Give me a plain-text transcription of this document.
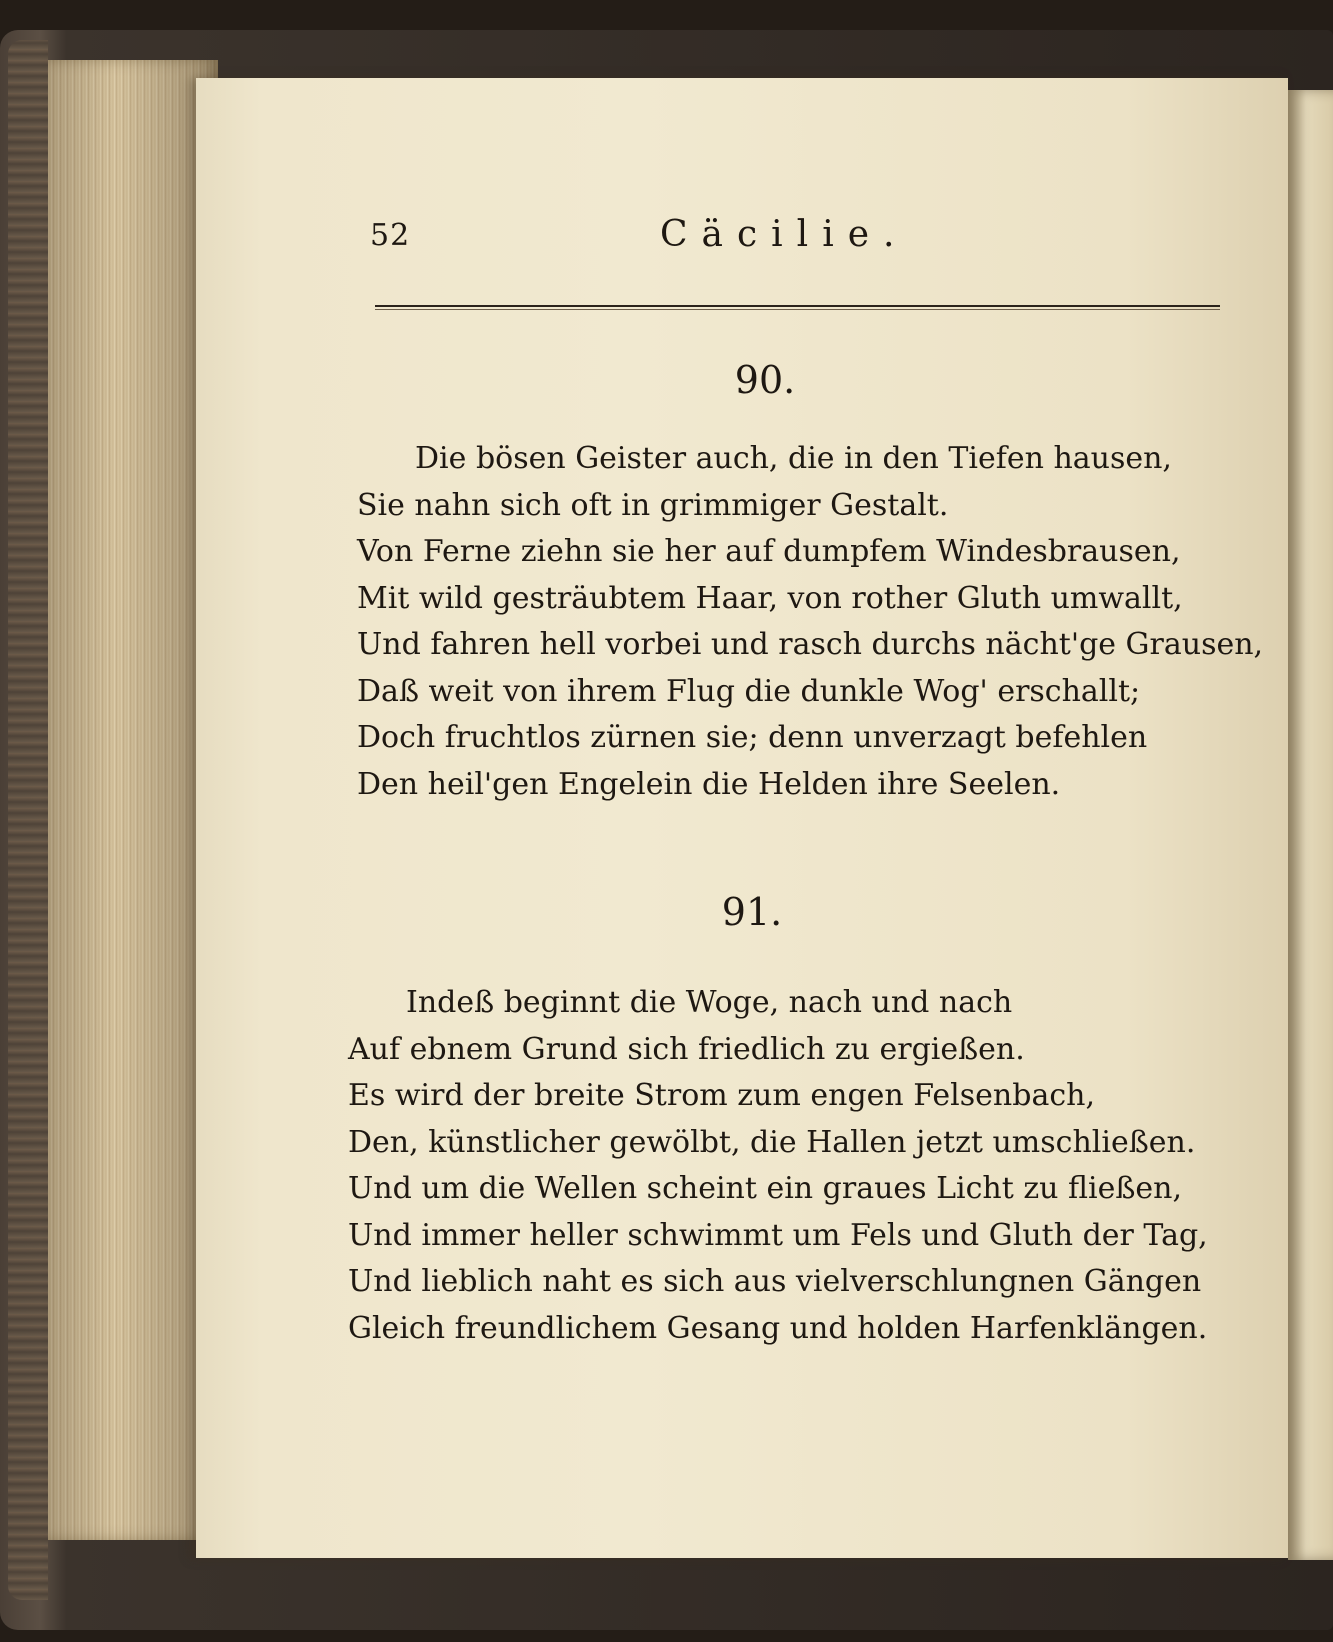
52	Cäcilie.
90.
Die bösen Geister auch, die in den Tiefen hausen,
Sie nahn sich oft in grimmiger Gestalt.
Von Ferne ziehn sie her auf dumpfem Windesbrausen,
Mit wild gesträubtem Haar, von rother Gluth umwallt,
Und fahren hell vorbei und rasch durchs nächt'ge Grausen,
Daß weit von ihrem Flug die dunkle Wog' erschallt;
Doch fruchtlos zürnen sie; denn unverzagt befehlen
Den heil'gen Engelein die Helden ihre Seelen.
91.
Indeß beginnt die Woge, nach und nach
Auf ebnem Grund sich friedlich zu ergießen.
Es wird der breite Strom zum engen Felsenbach,
Den, künstlicher gewölbt, die Hallen jetzt umschließen.
Und um die Wellen scheint ein graues Licht zu fließen,
Und immer heller schwimmt um Fels und Gluth der Tag,
Und lieblich naht es sich aus vielverschlungnen Gängen
Gleich freundlichem Gesang und holden Harfenklängen.
